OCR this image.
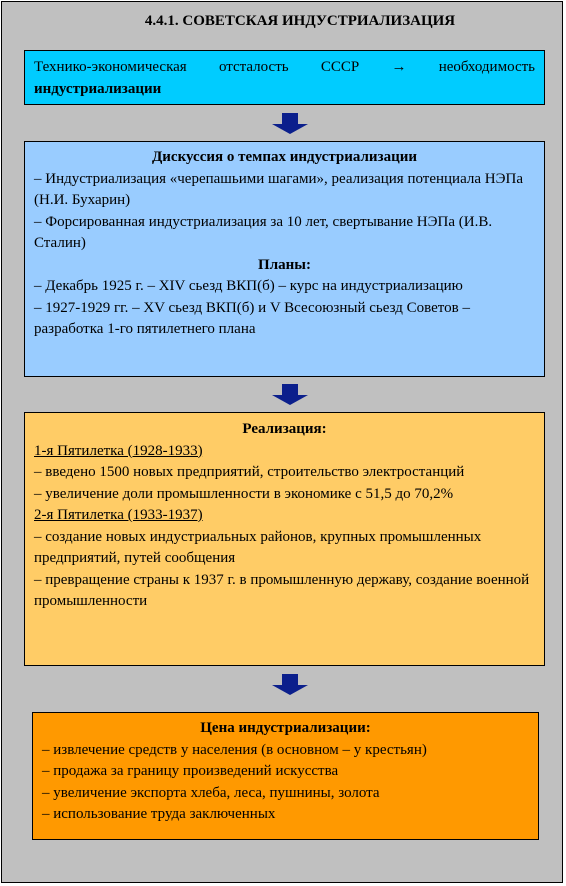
4.4.1. СОВЕТСКАЯ ИНДУСТРИАЛИЗАЦИЯ
Технико-экономическая отсталость СССР → необходимость индустриализации
Дискуссия о темпах индустриализации
– Индустриализация «черепашьими шагами», реализация потенциала НЭПа (Н.И. Бухарин)
– Форсированная индустриализация за 10 лет, свертывание НЭПа (И.В. Сталин)
Планы:
– Декабрь 1925 г. – XIV сьезд ВКП(б) – курс на индустриализацию
– 1927-1929 гг. – XV сьезд ВКП(б) и V Всесоюзный сьезд Советов – разработка 1-го пятилетнего плана
Реализация:
1-я Пятилетка (1928-1933)
– введено 1500 новых предприятий, строительство электростанций
– увеличение доли промышленности в экономике с 51,5 до 70,2%
2-я Пятилетка (1933-1937)
– создание новых индустриальных районов, крупных промышленных предприятий, путей сообщения
– превращение страны к 1937 г. в промышленную державу, создание военной промышленности
Цена индустриализации:
– извлечение средств у населения (в основном – у крестьян)
– продажа за границу произведений искусства
– увеличение экспорта хлеба, леса, пушнины, золота
– использование труда заключенных
